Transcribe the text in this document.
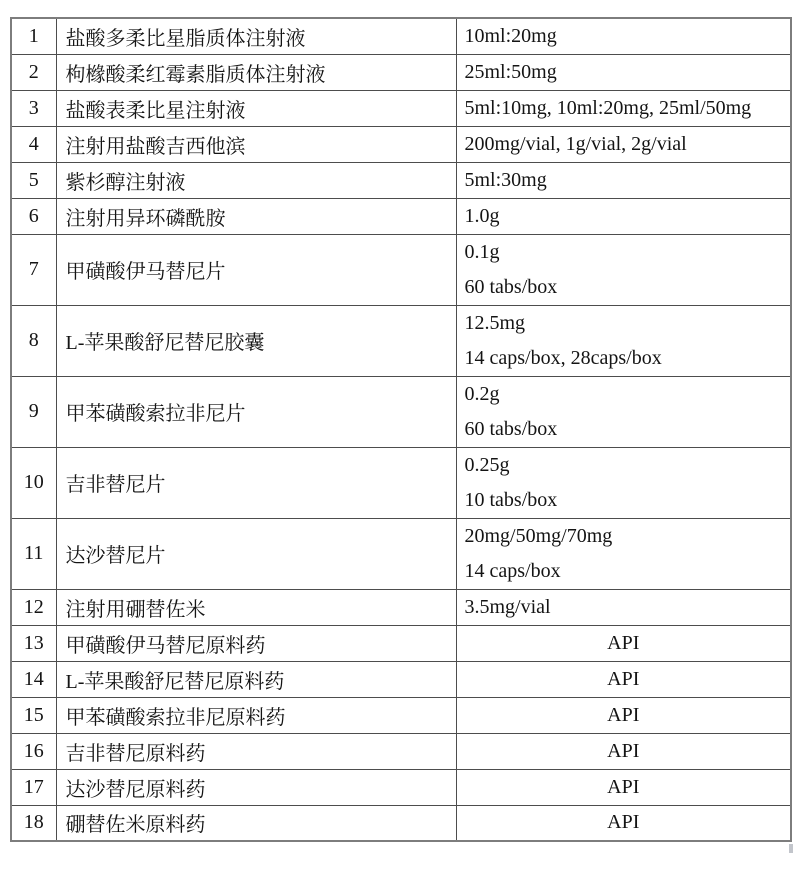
1	盐酸多柔比星脂质体注射液	10ml:20mg
2	枸橼酸柔红霉素脂质体注射液	25ml:50mg
3	盐酸表柔比星注射液	5ml:10mg, 10ml:20mg, 25ml/50mg
4	注射用盐酸吉西他滨	200mg/vial, 1g/vial, 2g/vial
5	紫杉醇注射液	5ml:30mg
6	注射用异环磷酰胺	1.0g
7	甲磺酸伊马替尼片	0.1g
60 tabs/box

8	L-苹果酸舒尼替尼胶囊	12.5mg
14 caps/box, 28caps/box

9	甲苯磺酸索拉非尼片	0.2g
60 tabs/box

10	吉非替尼片	0.25g
10 tabs/box

11	达沙替尼片	20mg/50mg/70mg
14 caps/box

12	注射用硼替佐米	3.5mg/vial
13	甲磺酸伊马替尼原料药	API
14	L-苹果酸舒尼替尼原料药	API
15	甲苯磺酸索拉非尼原料药	API
16	吉非替尼原料药	API
17	达沙替尼原料药	API
18	硼替佐米原料药	API
